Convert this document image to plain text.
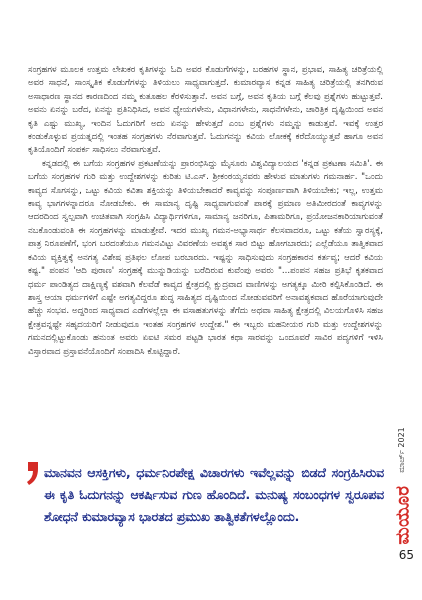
ಸಂಗ್ರಹಗಳ ಮೂಲಕ ಉತ್ತಮ ಲೇಖಕರ ಕೃತಿಗಳನ್ನು ಓದಿ ಅವರ ಕೊಡುಗೆಗಳನ್ನು, ಬರಹಗಳ ಸ್ಥಾನ, ಪ್ರಭಾವ, ಸಾಹಿತ್ಯ ಚರಿತ್ರೆಯಲ್ಲಿ ಅವರ ಸಾಧನೆ, ಸಾಂಸ್ಕೃತಿಕ ಕೊಡುಗೆಗಳನ್ನು ತಿಳಿಯಲು ಸಾಧ್ಯವಾಗುತ್ತದೆ. ಕುಮಾರವ್ಯಾಸ ಕನ್ನಡ ಸಾಹಿತ್ಯ ಚರಿತ್ರೆಯಲ್ಲಿ ತನಗಿರುವ ಅಸಾಧಾರಣ ಸ್ಥಾನದ ಕಾರಣದಿಂದ ನಮ್ಮ ಕುತೂಹಲ ಕೆರಳಿಸುತ್ತಾನೆ. ಅವನ ಬಗ್ಗೆ, ಅವನ ಕೃತಿಯ ಬಗ್ಗೆ ಕೆಲವು ಪ್ರಶ್ನೆಗಳು ಹುಟ್ಟುತ್ತವೆ. ಅವನು ಏನನ್ನು ಬರೆದ, ಏನನ್ನು ಪ್ರತಿನಿಧಿಸಿದ, ಅವನ ಧ್ಯೇಯಗಳೇನು, ವಿಧಾನಗಳೇನು, ಸಾಧನೆಗಳೇನು, ಚಾರಿತ್ರಿಕ ದೃಷ್ಟಿಯಿಂದ ಅವನ ಕೃತಿ ಎಷ್ಟು ಮುಖ್ಯ, ಇಂದಿನ ಓದುಗರಿಗೆ ಅದು ಏನನ್ನು ಹೇಳುತ್ತದೆ ಎಂಬ ಪ್ರಶ್ನೆಗಳು ನಮ್ಮನ್ನು ಕಾಡುತ್ತವೆ. ಇವಕ್ಕೆ ಉತ್ತರ ಕಂಡುಕೊಳ್ಳುವ ಪ್ರಯತ್ನದಲ್ಲಿ ಇಂತಹ ಸಂಗ್ರಹಗಳು ನೆರವಾಗುತ್ತವೆ. ಓದುಗನನ್ನು ಕವಿಯ ಲೋಕಕ್ಕೆ ಕರೆದೊಯ್ಯುತ್ತವೆ ಹಾಗೂ ಅವನ ಕೃತಿಯೊಂದಿಗೆ ಸಂಪರ್ಕ ಸಾಧಿಸಲು ನೆರವಾಗುತ್ತವೆ.

ಕನ್ನಡದಲ್ಲಿ ಈ ಬಗೆಯ ಸಂಗ್ರಹಗಳ ಪ್ರಕಟಣೆಯನ್ನು ಪ್ರಾರಂಭಿಸಿದ್ದು ಮೈಸೂರು ವಿಶ್ವವಿದ್ಯಾಲಯದ 'ಕನ್ನಡ ಪ್ರಕಟಣಾ ಸಮಿತಿ'. ಈ ಬಗೆಯ ಸಂಗ್ರಹಗಳ ಗುರಿ ಮತ್ತು ಉದ್ದೇಶಗಳನ್ನು ಕುರಿತು ಟಿ.ಎಸ್. ಶ್ರೀಕಂಠಯ್ಯನವರು ಹೇಳುವ ಮಾತುಗಳು ಗಮನಾರ್ಹ. "ಒಂದು ಕಾವ್ಯದ ಸೊಗಸನ್ನು, ಒಟ್ಟು ಕವಿಯ ಕವಿತಾ ಶಕ್ತಿಯನ್ನು ತಿಳಿಯಬೇಕಾದರೆ ಕಾವ್ಯವನ್ನು ಸಂಪೂರ್ಣವಾಗಿ ತಿಳಿಯಬೇಕು; ಇಲ್ಲ, ಉತ್ತಮ ಕಾವ್ಯ ಭಾಗಗಳನ್ನಾದರೂ ನೋಡಬೇಕು. ಈ ಸಾಮಾನ್ಯ ದೃಷ್ಟಿ ಸಾಧ್ಯವಾಗುವಂತೆ ಪಾಠಕ್ಕೆ ಪ್ರಮಾಣ ಅತಿಮೀರದಂತೆ ಕಾವ್ಯಗಳನ್ನು ಆದರದಿಂದ ಸ್ವಲ್ಪವಾಗಿ ಉಚಿತವಾಗಿ ಸಂಗ್ರಹಿಸಿ ವಿದ್ಯಾರ್ಥಿಗಳಿಗೂ, ಸಾಮಾನ್ಯ ಜನರಿಗೂ, ಪಿತಾಮರಿಗೂ, ಪ್ರಯೋಜನಕಾರಿಯಾಗುವಂತೆ ನಬಕೊಂಡುವಂತಿ ಈ ಸಂಗ್ರಹಗಳನ್ನು ಮಾಡುತ್ತೇವೆ. ಇದರ ಮುಖ್ಯ ಗಮನ-ಅಭ್ಯಾಸಾರ್ಥ ಕೆಲಸವಾದರೂ, ಒಟ್ಟು ಕತೆಯ ಸ್ವಾರಸ್ಯಕ್ಕೆ, ಪಾತ್ರ ನಿರೂಪಣೆಗೆ, ಭಂಗ ಬರದಂತೆಯೂ ಗಮನವಿಟ್ಟು ವಿವರಣೆಯ ಅವಶ್ಯಕ ಸಾರ ಬಿಟ್ಟು ಹೋಗಬಾರದು; ಎಲ್ಲೆಡೆಯೂ ತಾತ್ವಿಕವಾದ ಕವಿಯ ವ್ಯಕ್ತಿತ್ವಕ್ಕೆ ಅನಗತ್ಯ ವಿಶೇಷ ಪ್ರತಿಫಲ ಲೋಪ ಬರಬಾರದು. ಇಷ್ಟನ್ನು ಸಾಧಿಸುವುದು ಸಂಗ್ರಹಕಾರನ ಕರ್ತವ್ಯ; ಆದರೆ ಕವಿಯ ಕಷ್ಟ." ಪಂಪನ 'ಆದಿ ಪುರಾಣ' ಸಂಗ್ರಹಕ್ಕೆ ಮುನ್ನುಡಿಯನ್ನು ಬರೆದಿರುವ ಕುವೆಂಪು ಅವರು "...ಪಂಪನ ಸಹಜ ಪ್ರತಿಭೆ ಕೃತಕವಾದ ಧರ್ಮ ಪಾಂಡಿತ್ಯದ ದಾಕ್ಷಿಣ್ಯಕ್ಕೆ ವಶವಾಗಿ ಕೆಲವೆಡೆ ಕಾವ್ಯದ ಕ್ಷೇತ್ರದಲ್ಲಿ ಕ್ಷುದ್ರವಾದ ವಾಣಿಗಳನ್ನು ಅಗತ್ಯಕ್ಕೂ ಮೀರಿ ಕಲ್ಪಿಸಿಕೊಂಡಿದೆ. ಈ ಶಾಸ್ತ್ರ ಆಯಾ ಧರ್ಮಗಳಿಗೆ ಎಷ್ಟೇ ಅಗತ್ಯವಿದ್ದರೂ ಶುದ್ಧ ಸಾಹಿತ್ಯದ ದೃಷ್ಟಿಯಿಂದ ನೋಡುವವರಿಗೆ ಅನಾವಶ್ಯಕವಾದ ಹೊರೆಯಾಗುವುದೇ ಹೆಚ್ಚು ಸಂಭವ. ಅದ್ದರಿಂದ ಸಾಧ್ಯವಾದ ಎಡೆಗಳಲ್ಲೆಲ್ಲಾ ಈ ವಸಾಹತುಗಳನ್ನು ತೆಗೆದು ಅಥವಾ ಸಾಹಿತ್ಯ ಕ್ಷೇತ್ರದಲ್ಲಿ ವಿಲಯಗೊಳಿಸಿ ಸಹಜ ಕ್ಷೇತ್ರವನ್ನಷ್ಟೇ ಸಹೃದಯರಿಗೆ ನೀಡುವುದೂ ಇಂತಹ ಸಂಗ್ರಹಗಳ ಉದ್ದೇಶ." ಈ ಇಬ್ಬರು ಮಹನೀಯರ ಗುರಿ ಮತ್ತು ಉದ್ದೇಶಗಳನ್ನು ಗಮನದಲ್ಲಿಟ್ಟುಕೊಂಡು ಹನುಂತ ಅವರು ಏಐಟಿ ಸಮರ ಪಟ್ಟಡಿ ಭಾರತ ಕಥಾ ಸಾರವನ್ನು ಒಂದೂವರೆ ಸಾವಿರ ಪದ್ಯಗಳಿಗೆ ಇಳಿಸಿ ವಿಸ್ತಾರವಾದ ಪ್ರಸ್ತಾವನೆಯೊಂದಿಗೆ ಸಂಪಾದಿಸಿ ಕೊಟ್ಟಿದ್ದಾರೆ.

ಮಾನವನ ಆಸಕ್ತಿಗಳು, ಧರ್ಮನಿರಪೇಕ್ಷ ವಿಚಾರಗಳು ಇವೆಲ್ಲವನ್ನು ಬಿಡದೆ ಸಂಗ್ರಹಿಸಿರುವ ಈ ಕೃತಿ ಓದುಗನನ್ನು ಆಕರ್ಷಿಸುವ ಗುಣ ಹೊಂದಿದೆ. ಮನುಷ್ಯ ಸಂಬಂಧಗಳ ಸ್ವರೂಪವ ಶೋಧನೆ ಕುಮಾರವ್ಯಾಸ ಭಾರತದ ಪ್ರಮುಖ ತಾತ್ವಿಕತೆಗಳಲ್ಲೊಂದು.
ಮಾರ್ಚ್ 2021
ಮಯೂರ
65
